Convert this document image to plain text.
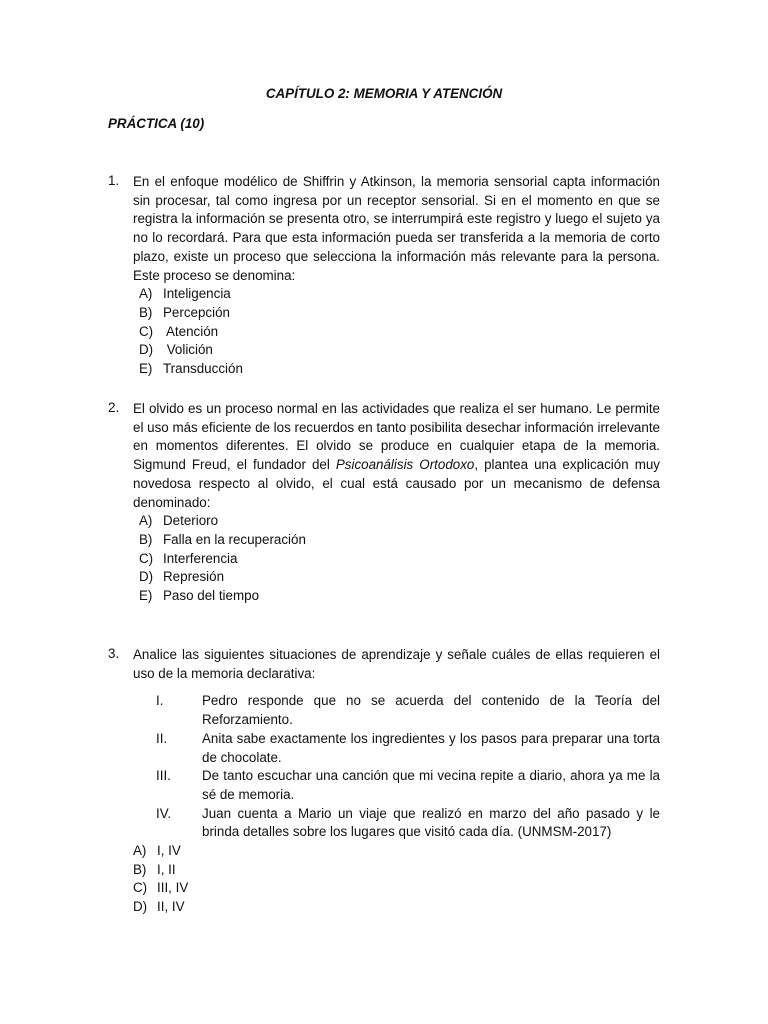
CAPÍTULO 2: MEMORIA Y ATENCIÓN
PRÁCTICA (10)
1. En el enfoque modélico de Shiffrin y Atkinson, la memoria sensorial capta información sin procesar, tal como ingresa por un receptor sensorial. Si en el momento en que se registra la información se presenta otro, se interrumpirá este registro y luego el sujeto ya no lo recordará. Para que esta información pueda ser transferida a la memoria de corto plazo, existe un proceso que selecciona la información más relevante para la persona. Este proceso se denomina:
A) Inteligencia
B) Percepción
C) Atención
D) Volición
E) Transducción
2. El olvido es un proceso normal en las actividades que realiza el ser humano. Le permite el uso más eficiente de los recuerdos en tanto posibilita desechar información irrelevante en momentos diferentes. El olvido se produce en cualquier etapa de la memoria. Sigmund Freud, el fundador del Psicoanálisis Ortodoxo, plantea una explicación muy novedosa respecto al olvido, el cual está causado por un mecanismo de defensa denominado:
A) Deterioro
B) Falla en la recuperación
C) Interferencia
D) Represión
E) Paso del tiempo
3. Analice las siguientes situaciones de aprendizaje y señale cuáles de ellas requieren el uso de la memoria declarativa:
I.	Pedro responde que no se acuerda del contenido de la Teoría del Reforzamiento.
II.	Anita sabe exactamente los ingredientes y los pasos para preparar una torta de chocolate.
III.	De tanto escuchar una canción que mi vecina repite a diario, ahora ya me la sé de memoria.
IV.	Juan cuenta a Mario un viaje que realizó en marzo del año pasado y le brinda detalles sobre los lugares que visitó cada día. (UNMSM-2017)
A) I, IV
B) I, II
C) III, IV
D) II, IV
